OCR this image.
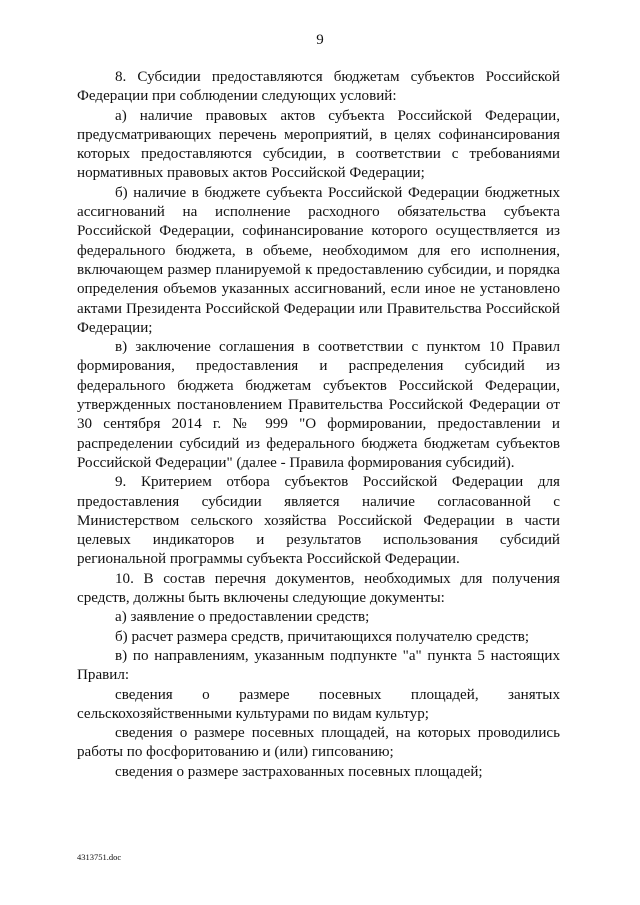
9

8. Субсидии предоставляются бюджетам субъектов Российской Федерации при соблюдении следующих условий:

а) наличие правовых актов субъекта Российской Федерации, предусматривающих перечень мероприятий, в целях софинансирования которых предоставляются субсидии, в соответствии с требованиями нормативных правовых актов Российской Федерации;

б) наличие в бюджете субъекта Российской Федерации бюджетных ассигнований на исполнение расходного обязательства субъекта Российской Федерации, софинансирование которого осуществляется из федерального бюджета, в объеме, необходимом для его исполнения, включающем размер планируемой к предоставлению субсидии, и порядка определения объемов указанных ассигнований, если иное не установлено актами Президента Российской Федерации или Правительства Российской Федерации;

в) заключение соглашения в соответствии с пунктом 10 Правил формирования, предоставления и распределения субсидий из федерального бюджета бюджетам субъектов Российской Федерации, утвержденных постановлением Правительства Российской Федерации от 30 сентября 2014 г. № 999 "О формировании, предоставлении и распределении субсидий из федерального бюджета бюджетам субъектов Российской Федерации" (далее - Правила формирования субсидий).

9. Критерием отбора субъектов Российской Федерации для предоставления субсидии является наличие согласованной с Министерством сельского хозяйства Российской Федерации в части целевых индикаторов и результатов использования субсидий региональной программы субъекта Российской Федерации.

10. В состав перечня документов, необходимых для получения средств, должны быть включены следующие документы:

а) заявление о предоставлении средств;

б) расчет размера средств, причитающихся получателю средств;

в) по направлениям, указанным подпункте "а" пункта 5 настоящих Правил:

сведения о размере посевных площадей, занятых сельскохозяйственными культурами по видам культур;

сведения о размере посевных площадей, на которых проводились работы по фосфоритованию и (или) гипсованию;

сведения о размере застрахованных посевных площадей;

4313751.doc
